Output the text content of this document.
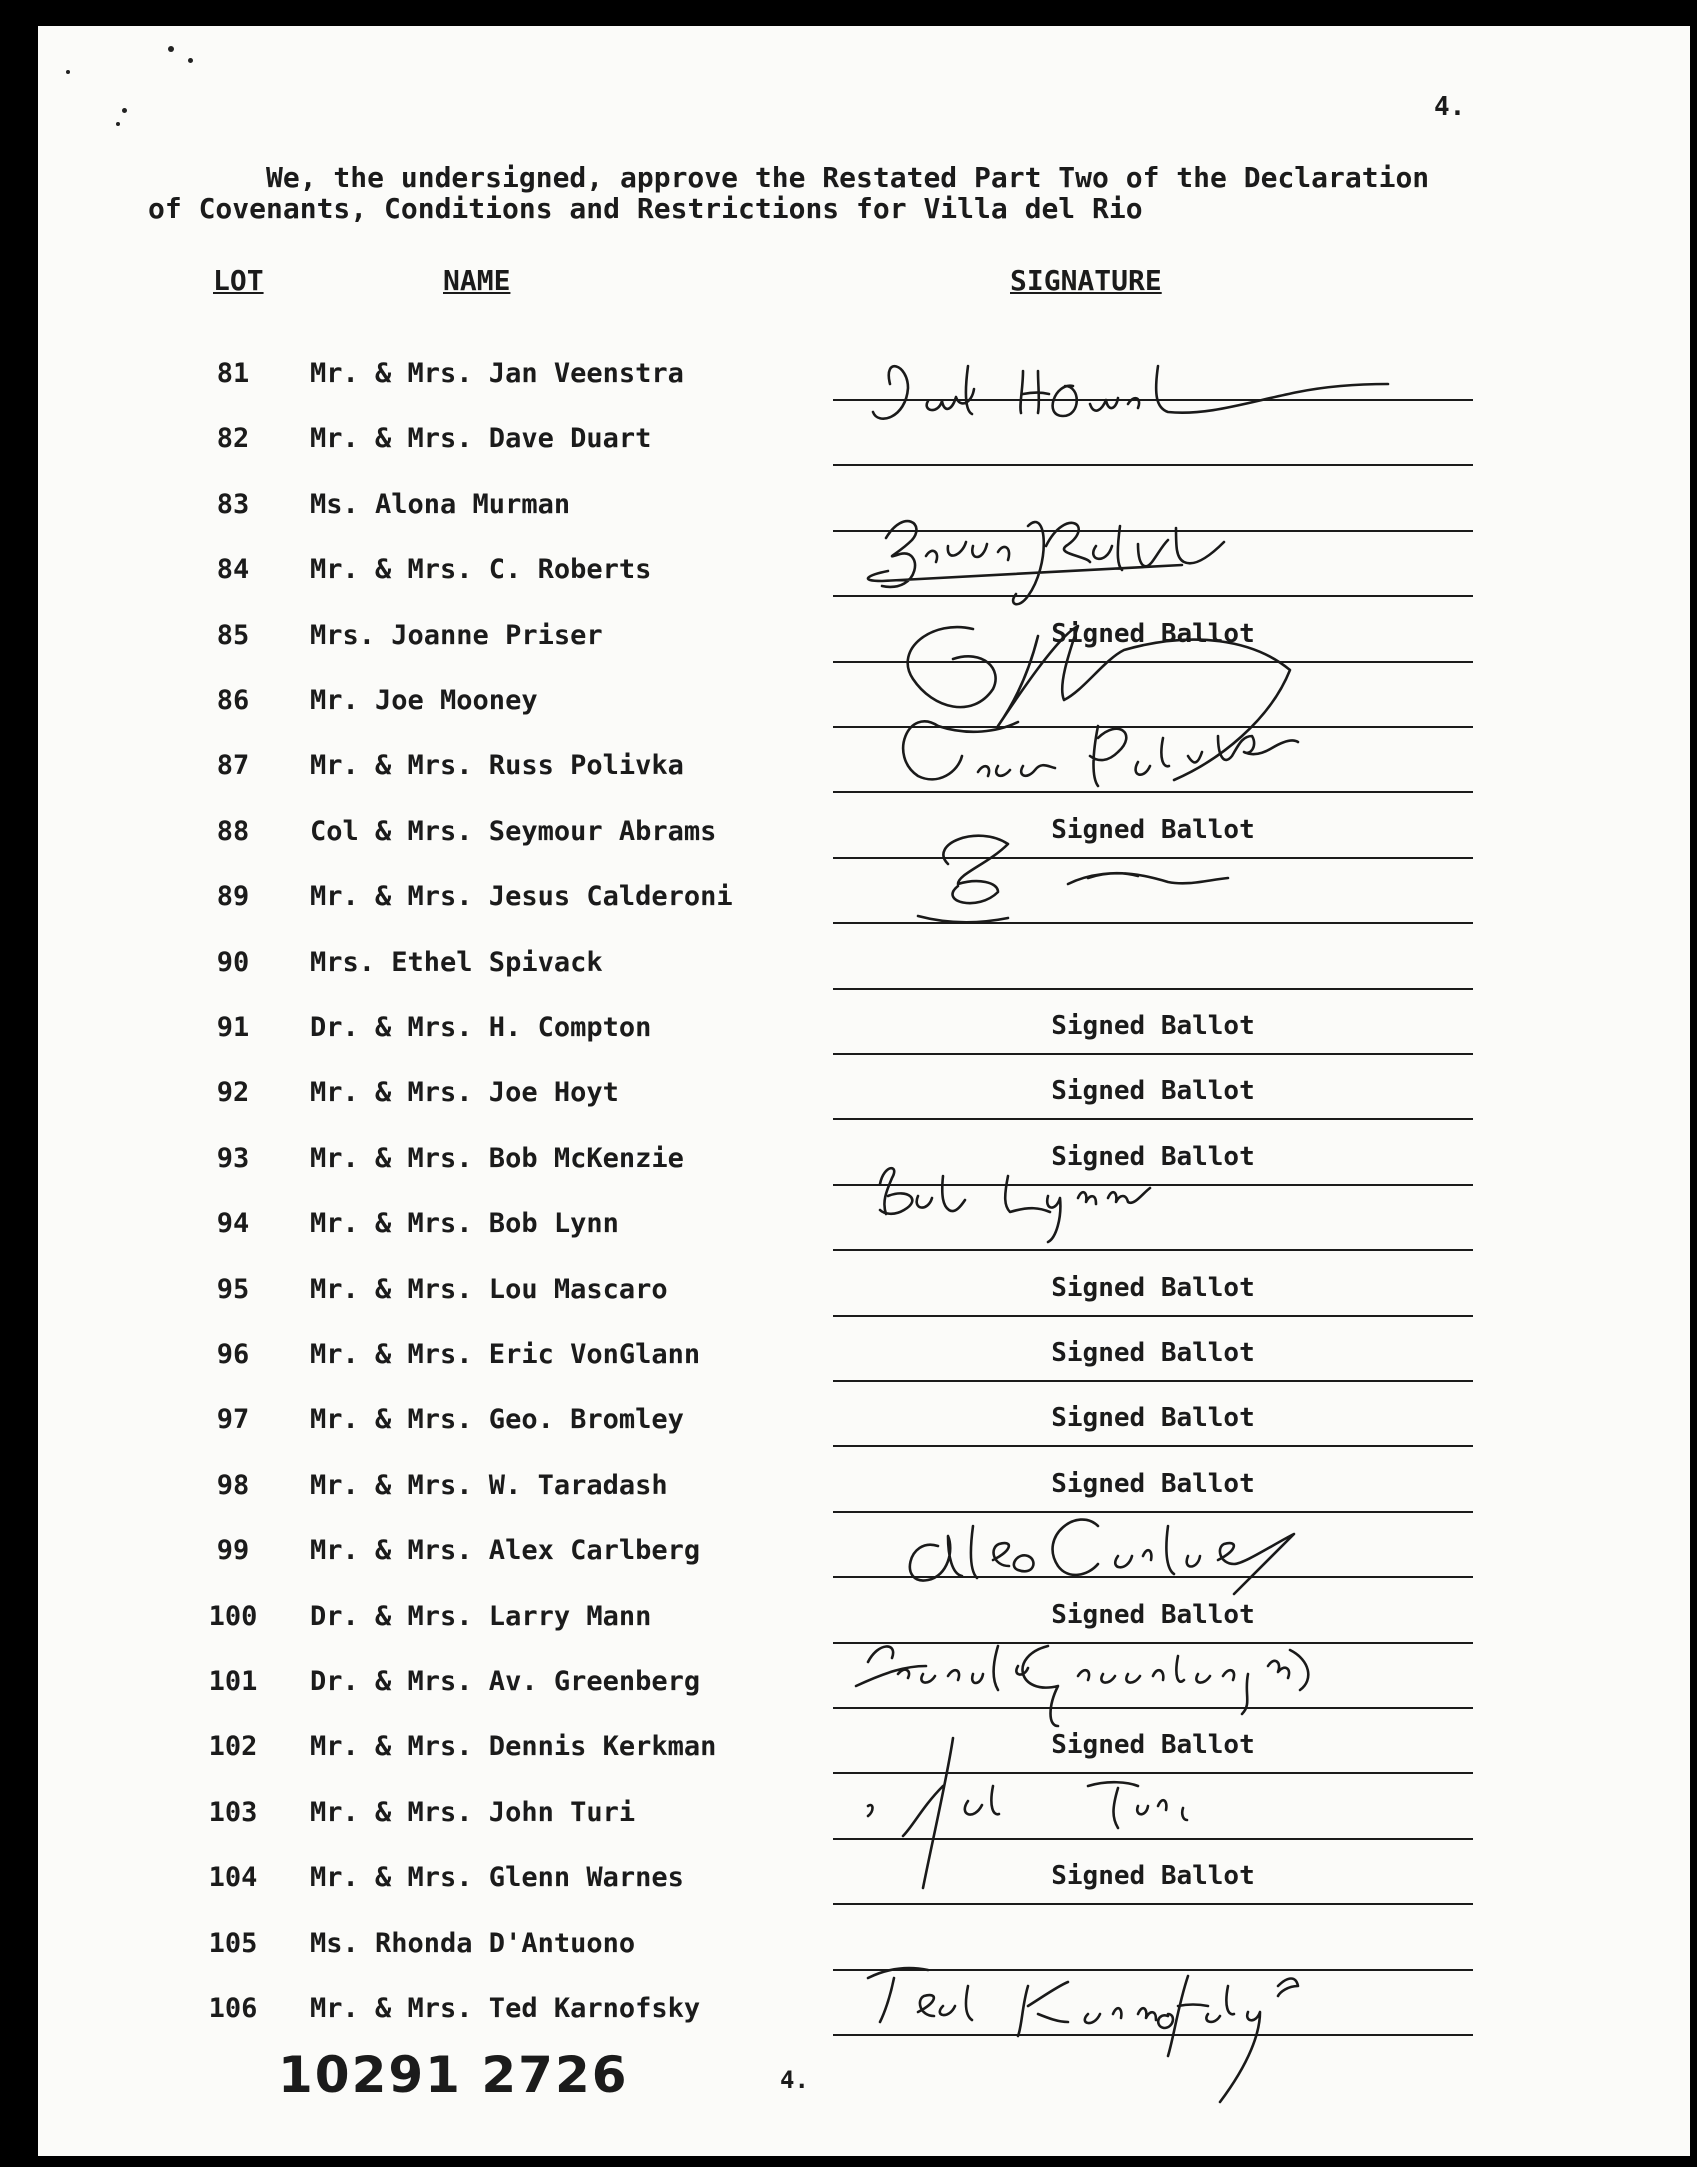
4.
We, the undersigned, approve the Restated Part Two of the Declaration
of Covenants, Conditions and Restrictions for Villa del Rio
LOT	NAME	SIGNATURE
81	Mr. & Mrs. Jan Veenstra
82	Mr. & Mrs. Dave Duart
83	Ms. Alona Murman
84	Mr. & Mrs. C. Roberts
85	Mrs. Joanne Priser	Signed Ballot
86	Mr. Joe Mooney
87	Mr. & Mrs. Russ Polivka
88	Col & Mrs. Seymour Abrams	Signed Ballot
89	Mr. & Mrs. Jesus Calderoni
90	Mrs. Ethel Spivack
91	Dr. & Mrs. H. Compton	Signed Ballot
92	Mr. & Mrs. Joe Hoyt	Signed Ballot
93	Mr. & Mrs. Bob McKenzie	Signed Ballot
94	Mr. & Mrs. Bob Lynn
95	Mr. & Mrs. Lou Mascaro	Signed Ballot
96	Mr. & Mrs. Eric VonGlann	Signed Ballot
97	Mr. & Mrs. Geo. Bromley	Signed Ballot
98	Mr. & Mrs. W. Taradash	Signed Ballot
99	Mr. & Mrs. Alex Carlberg
100	Dr. & Mrs. Larry Mann	Signed Ballot
101	Dr. & Mrs. Av. Greenberg
102	Mr. & Mrs. Dennis Kerkman	Signed Ballot
103	Mr. & Mrs. John Turi
104	Mr. & Mrs. Glenn Warnes	Signed Ballot
105	Ms. Rhonda D'Antuono
106	Mr. & Mrs. Ted Karnofsky
10291 2726	4.
